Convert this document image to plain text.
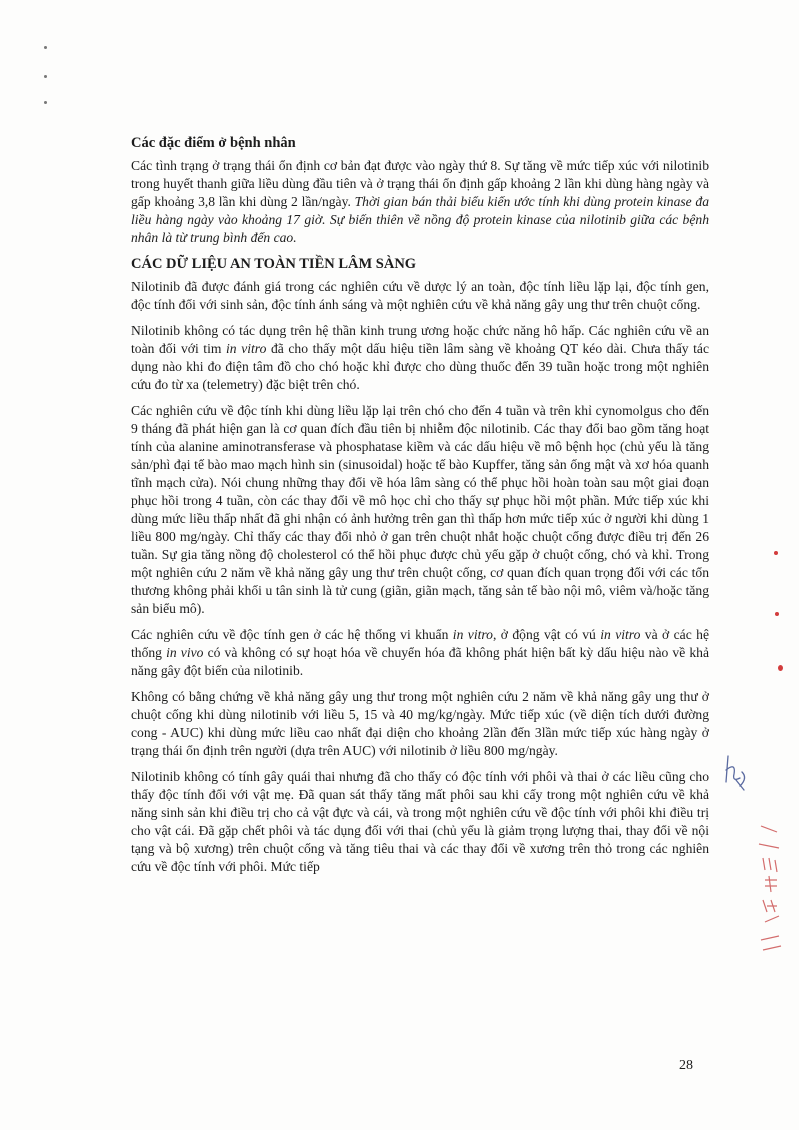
Các đặc điểm ở bệnh nhân

Các tình trạng ở trạng thái ổn định cơ bản đạt được vào ngày thứ 8. Sự tăng về mức tiếp xúc với nilotinib trong huyết thanh giữa liều dùng đầu tiên và ở trạng thái ổn định gấp khoảng 2 lần khi dùng hàng ngày và gấp khoảng 3,8 lần khi dùng 2 lần/ngày. Thời gian bán thải biểu kiến ước tính khi dùng protein kinase đa liều hàng ngày vào khoảng 17 giờ. Sự biến thiên về nồng độ protein kinase của nilotinib giữa các bệnh nhân là từ trung bình đến cao.

CÁC DỮ LIỆU AN TOÀN TIỀN LÂM SÀNG

Nilotinib đã được đánh giá trong các nghiên cứu về dược lý an toàn, độc tính liều lặp lại, độc tính gen, độc tính đối với sinh sản, độc tính ánh sáng và một nghiên cứu về khả năng gây ung thư trên chuột cống.

Nilotinib không có tác dụng trên hệ thần kinh trung ương hoặc chức năng hô hấp. Các nghiên cứu về an toàn đối với tim in vitro đã cho thấy một dấu hiệu tiền lâm sàng về khoảng QT kéo dài. Chưa thấy tác dụng nào khi đo điện tâm đồ cho chó hoặc khỉ được cho dùng thuốc đến 39 tuần hoặc trong một nghiên cứu đo từ xa (telemetry) đặc biệt trên chó.

Các nghiên cứu về độc tính khi dùng liều lặp lại trên chó cho đến 4 tuần và trên khỉ cynomolgus cho đến 9 tháng đã phát hiện gan là cơ quan đích đầu tiên bị nhiễm độc nilotinib. Các thay đổi bao gồm tăng hoạt tính của alanine aminotransferase và phosphatase kiềm và các dấu hiệu về mô bệnh học (chủ yếu là tăng sản/phì đại tế bào mao mạch hình sin (sinusoidal) hoặc tế bào Kupffer, tăng sản ống mật và xơ hóa quanh tĩnh mạch cửa). Nói chung những thay đổi về hóa lâm sàng có thể phục hồi hoàn toàn sau một giai đoạn phục hồi trong 4 tuần, còn các thay đổi về mô học chỉ cho thấy sự phục hồi một phần. Mức tiếp xúc khi dùng mức liều thấp nhất đã ghi nhận có ảnh hưởng trên gan thì thấp hơn mức tiếp xúc ở người khi dùng 1 liều 800 mg/ngày. Chỉ thấy các thay đổi nhỏ ở gan trên chuột nhắt hoặc chuột cống được điều trị đến 26 tuần. Sự gia tăng nồng độ cholesterol có thể hồi phục được chủ yếu gặp ở chuột cống, chó và khỉ. Trong một nghiên cứu 2 năm về khả năng gây ung thư trên chuột cống, cơ quan đích quan trọng đối với các tổn thương không phải khối u tân sinh là tử cung (giãn, giãn mạch, tăng sản tế bào nội mô, viêm và/hoặc tăng sản biểu mô).

Các nghiên cứu về độc tính gen ở các hệ thống vi khuẩn in vitro, ở động vật có vú in vitro và ở các hệ thống in vivo có và không có sự hoạt hóa về chuyển hóa đã không phát hiện bất kỳ dấu hiệu nào về khả năng gây đột biến của nilotinib.

Không có bằng chứng về khả năng gây ung thư trong một nghiên cứu 2 năm về khả năng gây ung thư ở chuột cống khi dùng nilotinib với liều 5, 15 và 40 mg/kg/ngày. Mức tiếp xúc (về diện tích dưới đường cong - AUC) khi dùng mức liều cao nhất đại diện cho khoảng 2lần đến 3lần mức tiếp xúc hàng ngày ở trạng thái ổn định trên người (dựa trên AUC) với nilotinib ở liều 800 mg/ngày.

Nilotinib không có tính gây quái thai nhưng đã cho thấy có độc tính với phôi và thai ở các liều cũng cho thấy độc tính đối với vật mẹ. Đã quan sát thấy tăng mất phôi sau khi cấy trong một nghiên cứu về khả năng sinh sản khi điều trị cho cả vật đực và cái, và trong một nghiên cứu về độc tính với phôi khi điều trị cho vật cái. Đã gặp chết phôi và tác dụng đối với thai (chủ yếu là giảm trọng lượng thai, thay đổi về nội tạng và bộ xương) trên chuột cống và tăng tiêu thai và các thay đổi về xương trên thỏ trong các nghiên cứu về độc tính với phôi. Mức tiếp

28
